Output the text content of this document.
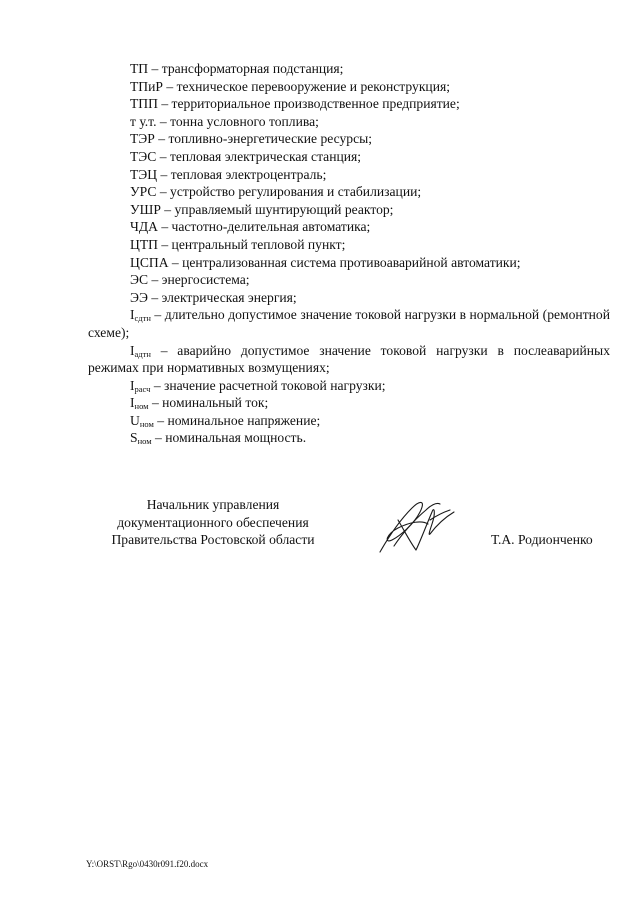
ТП – трансформаторная подстанция;
ТПиР – техническое перевооружение и реконструкция;
ТПП – территориальное производственное предприятие;
т у.т. – тонна условного топлива;
ТЭР – топливно-энергетические ресурсы;
ТЭС – тепловая электрическая станция;
ТЭЦ – тепловая электроцентраль;
УРС – устройство регулирования и стабилизации;
УШР – управляемый шунтирующий реактор;
ЧДА – частотно-делительная автоматика;
ЦТП – центральный тепловой пункт;
ЦСПА – централизованная система противоаварийной автоматики;
ЭС – энергосистема;
ЭЭ – электрическая энергия;
$I_{сдтн}$ – длительно допустимое значение токовой нагрузки в нормальной (ремонтной схеме);
$I_{адтн}$ – аварийно допустимое значение токовой нагрузки в послеаварийных режимах при нормативных возмущениях;
$I_{расч}$ – значение расчетной токовой нагрузки;
$I_{ном}$ – номинальный ток;
$U_{ном}$ – номинальное напряжение;
$S_{ном}$ – номинальная мощность.
Начальник управления
документационного обеспечения
Правительства Ростовской области	Т.А. Родионченко
Y:\ORST\Rgo\0430r091.f20.docx
